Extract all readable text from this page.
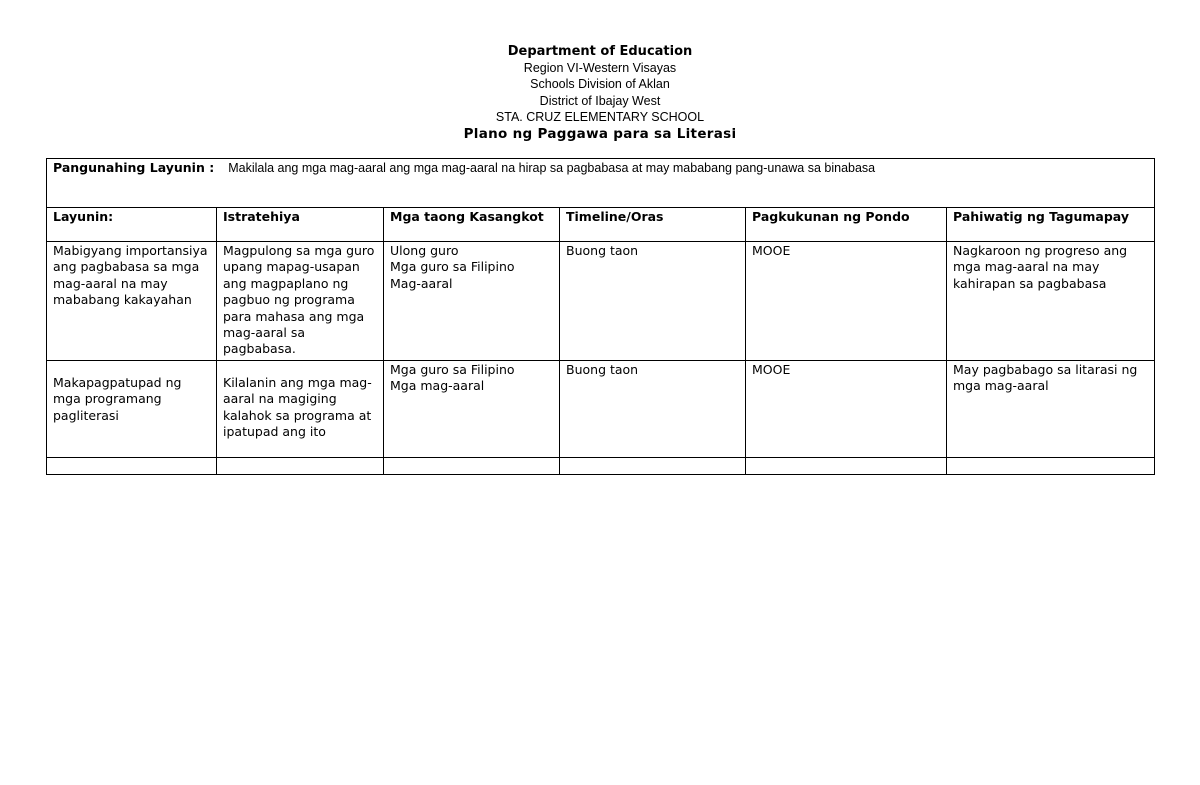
Department of Education
Region VI-Western Visayas
Schools Division of Aklan
District of Ibajay West
STA. CRUZ ELEMENTARY SCHOOL
Plano ng Paggawa para sa Literasi
Pangunahing Layunin : Makilala ang mga mag-aaral ang mga mag-aaral na hirap sa pagbabasa at may mababang pang-unawa sa binabasa					
Layunin:	Istratehiya	Mga taong Kasangkot	Timeline/Oras	Pagkukunan ng Pondo	Pahiwatig ng Tagumapay
Mabigyang importansiya ang pagbabasa sa mga mag-aaral na may mababang kakayahan	Magpulong sa mga guro upang mapag-usapan ang magpaplano ng pagbuo ng programa para mahasa ang mga mag-aaral sa pagbabasa.	Ulong guro
Mga guro sa Filipino
Mag-aaral	Buong taon	MOOE	Nagkaroon ng progreso ang mga mag-aaral na may kahirapan sa pagbabasa
Makapagpatupad ng mga programang pagliterasi	Kilalanin ang mga mag-aaral na magiging kalahok sa programa at ipatupad ang ito	Mga guro sa Filipino
Mga mag-aaral	Buong taon	MOOE	May pagbabago sa litarasi ng mga mag-aaral
